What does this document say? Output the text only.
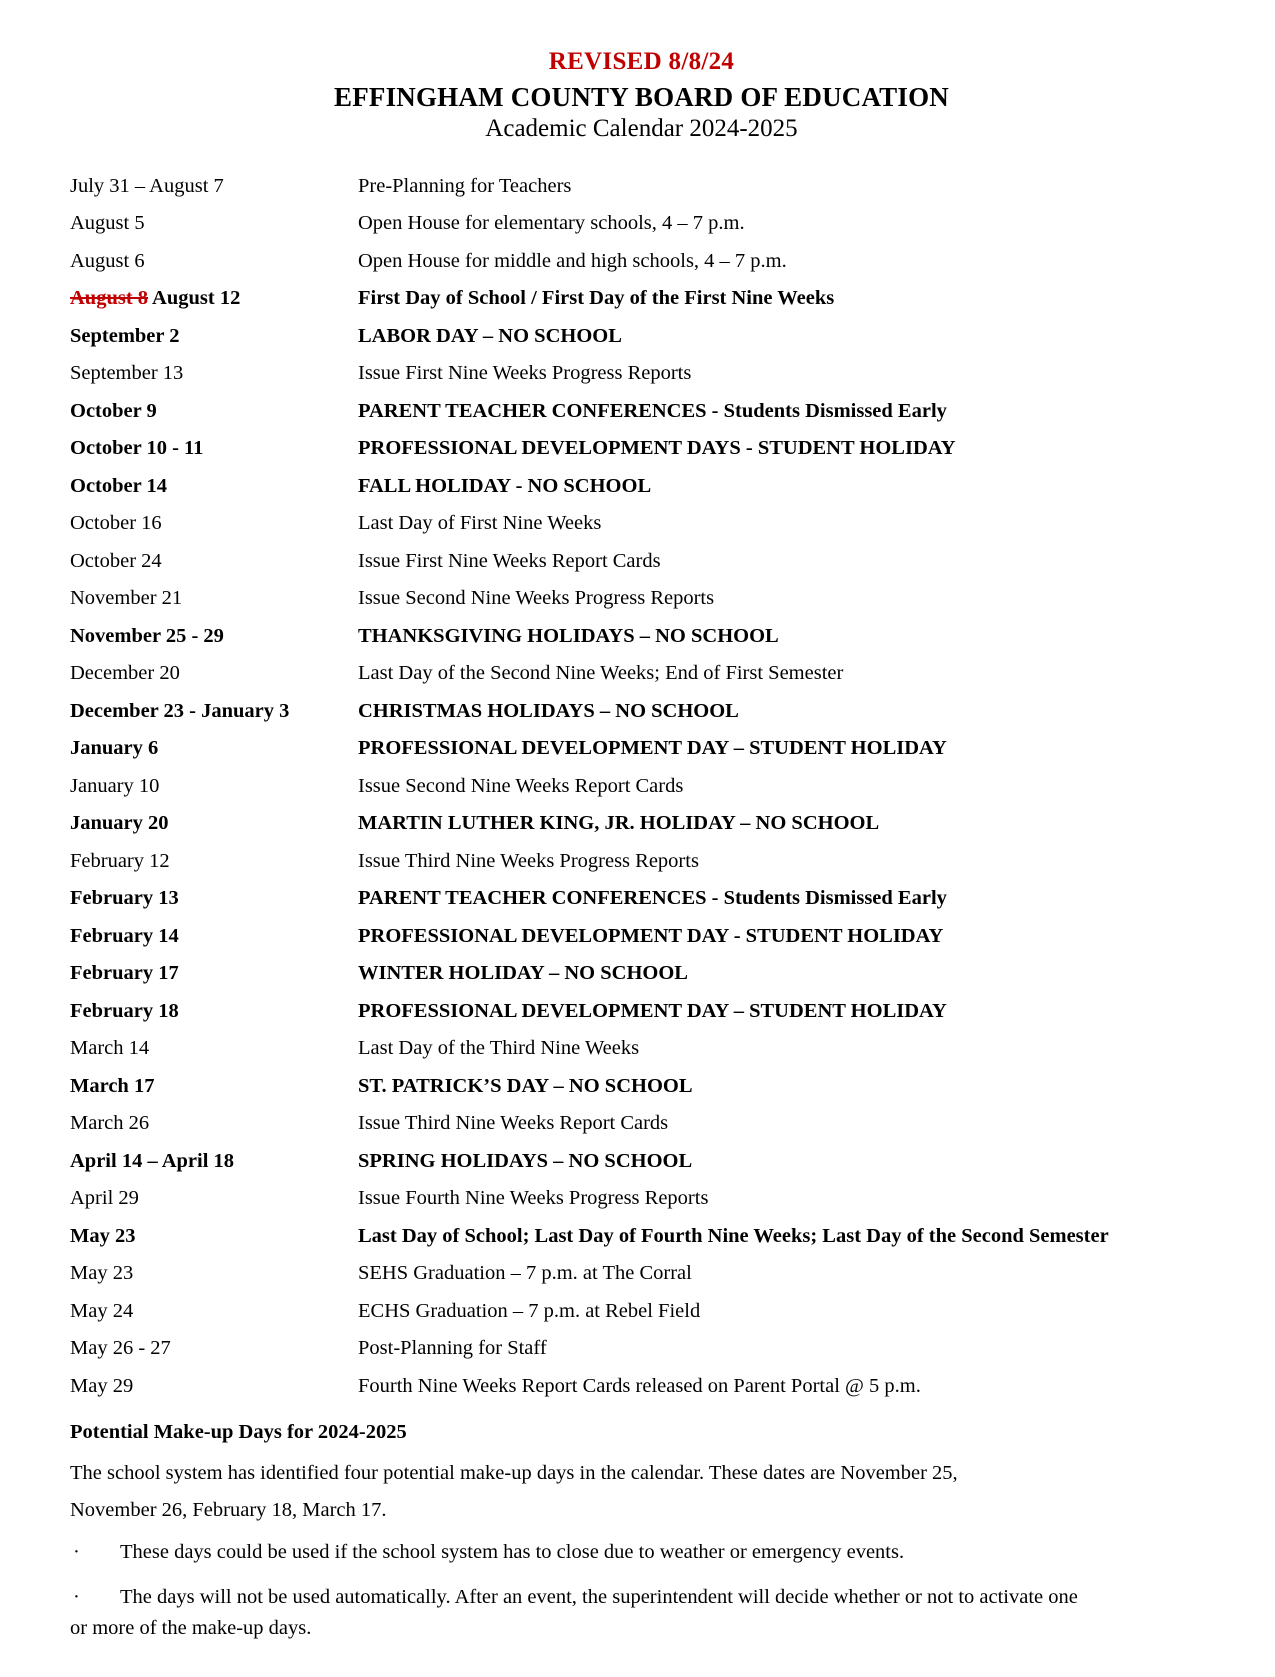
REVISED 8/8/24
EFFINGHAM COUNTY BOARD OF EDUCATION
Academic Calendar 2024-2025
July 31 – August 7	Pre-Planning for Teachers
August 5	Open House for elementary schools, 4 – 7 p.m.
August 6	Open House for middle and high schools, 4 – 7 p.m.
August 8 August 12	First Day of School / First Day of the First Nine Weeks
September 2	LABOR DAY – NO SCHOOL
September 13	Issue First Nine Weeks Progress Reports
October 9	PARENT TEACHER CONFERENCES - Students Dismissed Early
October 10 - 11	PROFESSIONAL DEVELOPMENT DAYS - STUDENT HOLIDAY
October 14	FALL HOLIDAY - NO SCHOOL
October 16	Last Day of First Nine Weeks
October 24	Issue First Nine Weeks Report Cards
November 21	Issue Second Nine Weeks Progress Reports
November 25 - 29	THANKSGIVING HOLIDAYS – NO SCHOOL
December 20	Last Day of the Second Nine Weeks; End of First Semester
December 23 - January 3	CHRISTMAS HOLIDAYS – NO SCHOOL
January 6	PROFESSIONAL DEVELOPMENT DAY – STUDENT HOLIDAY
January 10	Issue Second Nine Weeks Report Cards
January 20	MARTIN LUTHER KING, JR. HOLIDAY – NO SCHOOL
February 12	Issue Third Nine Weeks Progress Reports
February 13	PARENT TEACHER CONFERENCES - Students Dismissed Early
February 14	PROFESSIONAL DEVELOPMENT DAY - STUDENT HOLIDAY
February 17	WINTER HOLIDAY – NO SCHOOL
February 18	PROFESSIONAL DEVELOPMENT DAY – STUDENT HOLIDAY
March 14	Last Day of the Third Nine Weeks
March 17	ST. PATRICK’S DAY – NO SCHOOL
March 26	Issue Third Nine Weeks Report Cards
April 14 – April 18	SPRING HOLIDAYS – NO SCHOOL
April 29	Issue Fourth Nine Weeks Progress Reports
May 23	Last Day of School; Last Day of Fourth Nine Weeks; Last Day of the Second Semester
May 23	SEHS Graduation – 7 p.m. at The Corral
May 24	ECHS Graduation – 7 p.m. at Rebel Field
May 26 - 27	Post-Planning for Staff
May 29	Fourth Nine Weeks Report Cards released on Parent Portal @ 5 p.m.
Potential Make-up Days for 2024-2025

The school system has identified four potential make-up days in the calendar. These dates are November 25,

November 26, February 18, March 17.

· These days could be used if the school system has to close due to weather or emergency events.
· The days will not be used automatically. After an event, the superintendent will decide whether or not to activate one
or more of the make-up days.
